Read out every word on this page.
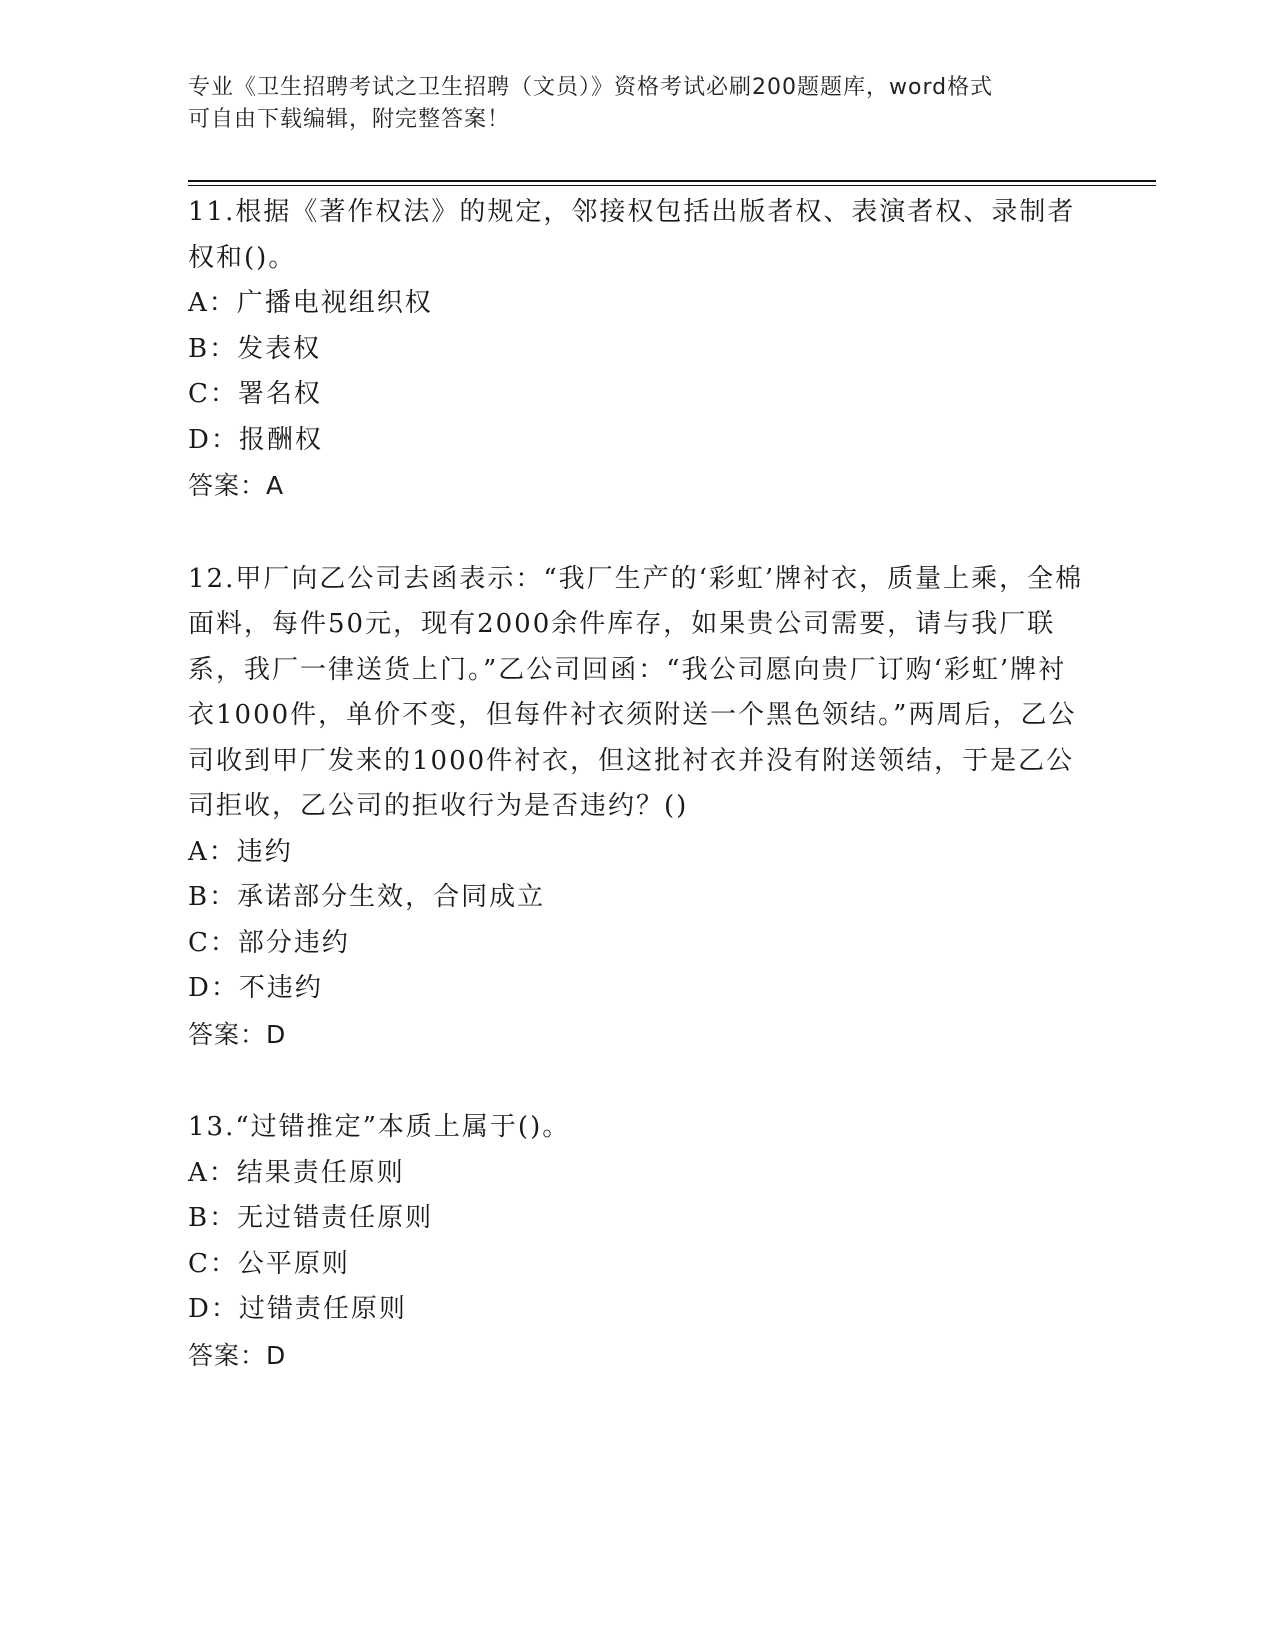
专业《卫生招聘考试之卫生招聘（文员）》资格考试必刷200题题库，word格式
可自由下载编辑，附完整答案！

11.根据《著作权法》的规定，邻接权包括出版者权、表演者权、录制者权和()。

A：广播电视组织权

B：发表权

C：署名权

D：报酬权

答案：A

12.甲厂向乙公司去函表示：“我厂生产的‘彩虹’牌衬衣，质量上乘，全棉面料，每件50元，现有2000余件库存，如果贵公司需要，请与我厂联系，我厂一律送货上门。”乙公司回函：“我公司愿向贵厂订购‘彩虹’牌衬衣1000件，单价不变，但每件衬衣须附送一个黑色领结。”两周后，乙公司收到甲厂发来的1000件衬衣，但这批衬衣并没有附送领结，于是乙公司拒收，乙公司的拒收行为是否违约？()

A：违约

B：承诺部分生效，合同成立

C：部分违约

D：不违约

答案：D

13.“过错推定”本质上属于()。

A：结果责任原则

B：无过错责任原则

C：公平原则

D：过错责任原则

答案：D
